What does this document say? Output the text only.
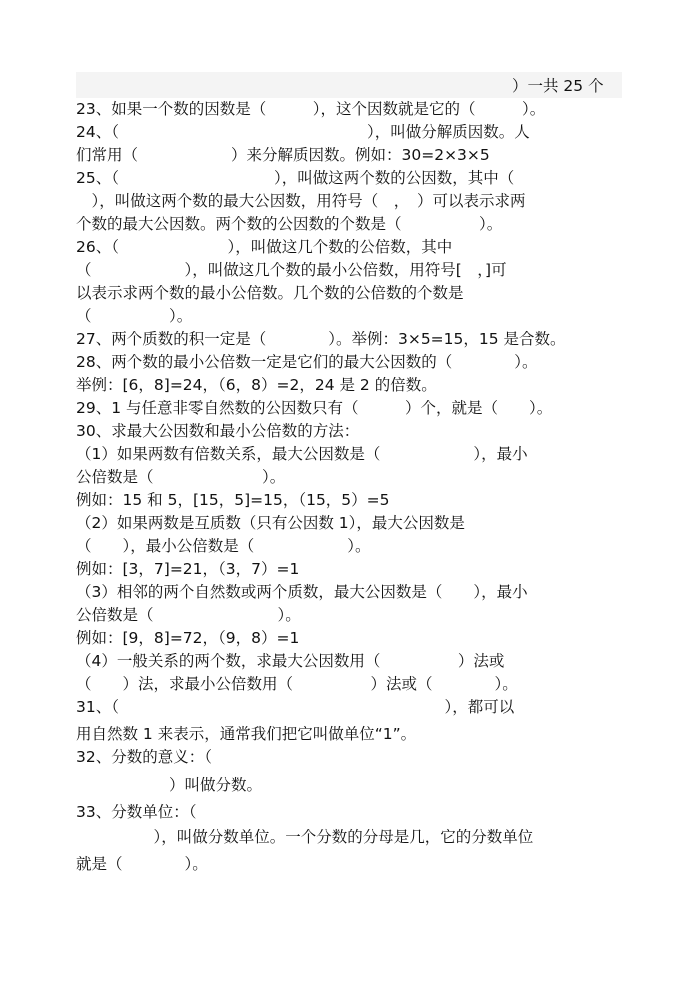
）一共 25 个
23、如果一个数的因数是（　　　），这个因数就是它的（　　　）。
24、（　　　　　　　　　　　　　　　　），叫做分解质因数。人
们常用（　　　　　　）来分解质因数。例如：30=2×3×5
25、（　　　　　　　　　　），叫做这两个数的公因数，其中（
　），叫做这两个数的最大公因数，用符号（　，　）可以表示求两
个数的最大公因数。两个数的公因数的个数是（　　　　　）。
26、（　　　　　　　），叫做这几个数的公倍数，其中
（　　　　　　），叫做这几个数的最小公倍数，用符号[　，]可
以表示求两个数的最小公倍数。几个数的公倍数的个数是
（　　　　　）。
27、两个质数的积一定是（　　　　）。举例：3×5=15，15 是合数。
28、两个数的最小公倍数一定是它们的最大公因数的（　　　　）。
举例：[6，8]=24，（6，8）=2，24 是 2 的倍数。
29、1 与任意非零自然数的公因数只有（　　　）个，就是（　　）。
30、求最大公因数和最小公倍数的方法：
（1）如果两数有倍数关系，最大公因数是（　　　　　　），最小
公倍数是（　　　　　　　）。
例如：15 和 5，[15，5]=15，（15，5）=5
（2）如果两数是互质数（只有公因数 1），最大公因数是
（　　），最小公倍数是（　　　　　　）。
例如：[3，7]=21，（3，7）=1
（3）相邻的两个自然数或两个质数，最大公因数是（　　），最小
公倍数是（　　　　　　　　）。
例如：[9，8]=72，（9，8）=1
（4）一般关系的两个数，求最大公因数用（　　　　　）法或
（　　）法，求最小公倍数用（　　　　　）法或（　　　　）。
31、（　　　　　　　　　　　　　　　　　　　　　），都可以
用自然数 1 来表示，通常我们把它叫做单位“1”。
32、分数的意义：（
　　　　　　）叫做分数。
33、分数单位：（
　　　　　），叫做分数单位。一个分数的分母是几，它的分数单位
就是（　　　　）。
